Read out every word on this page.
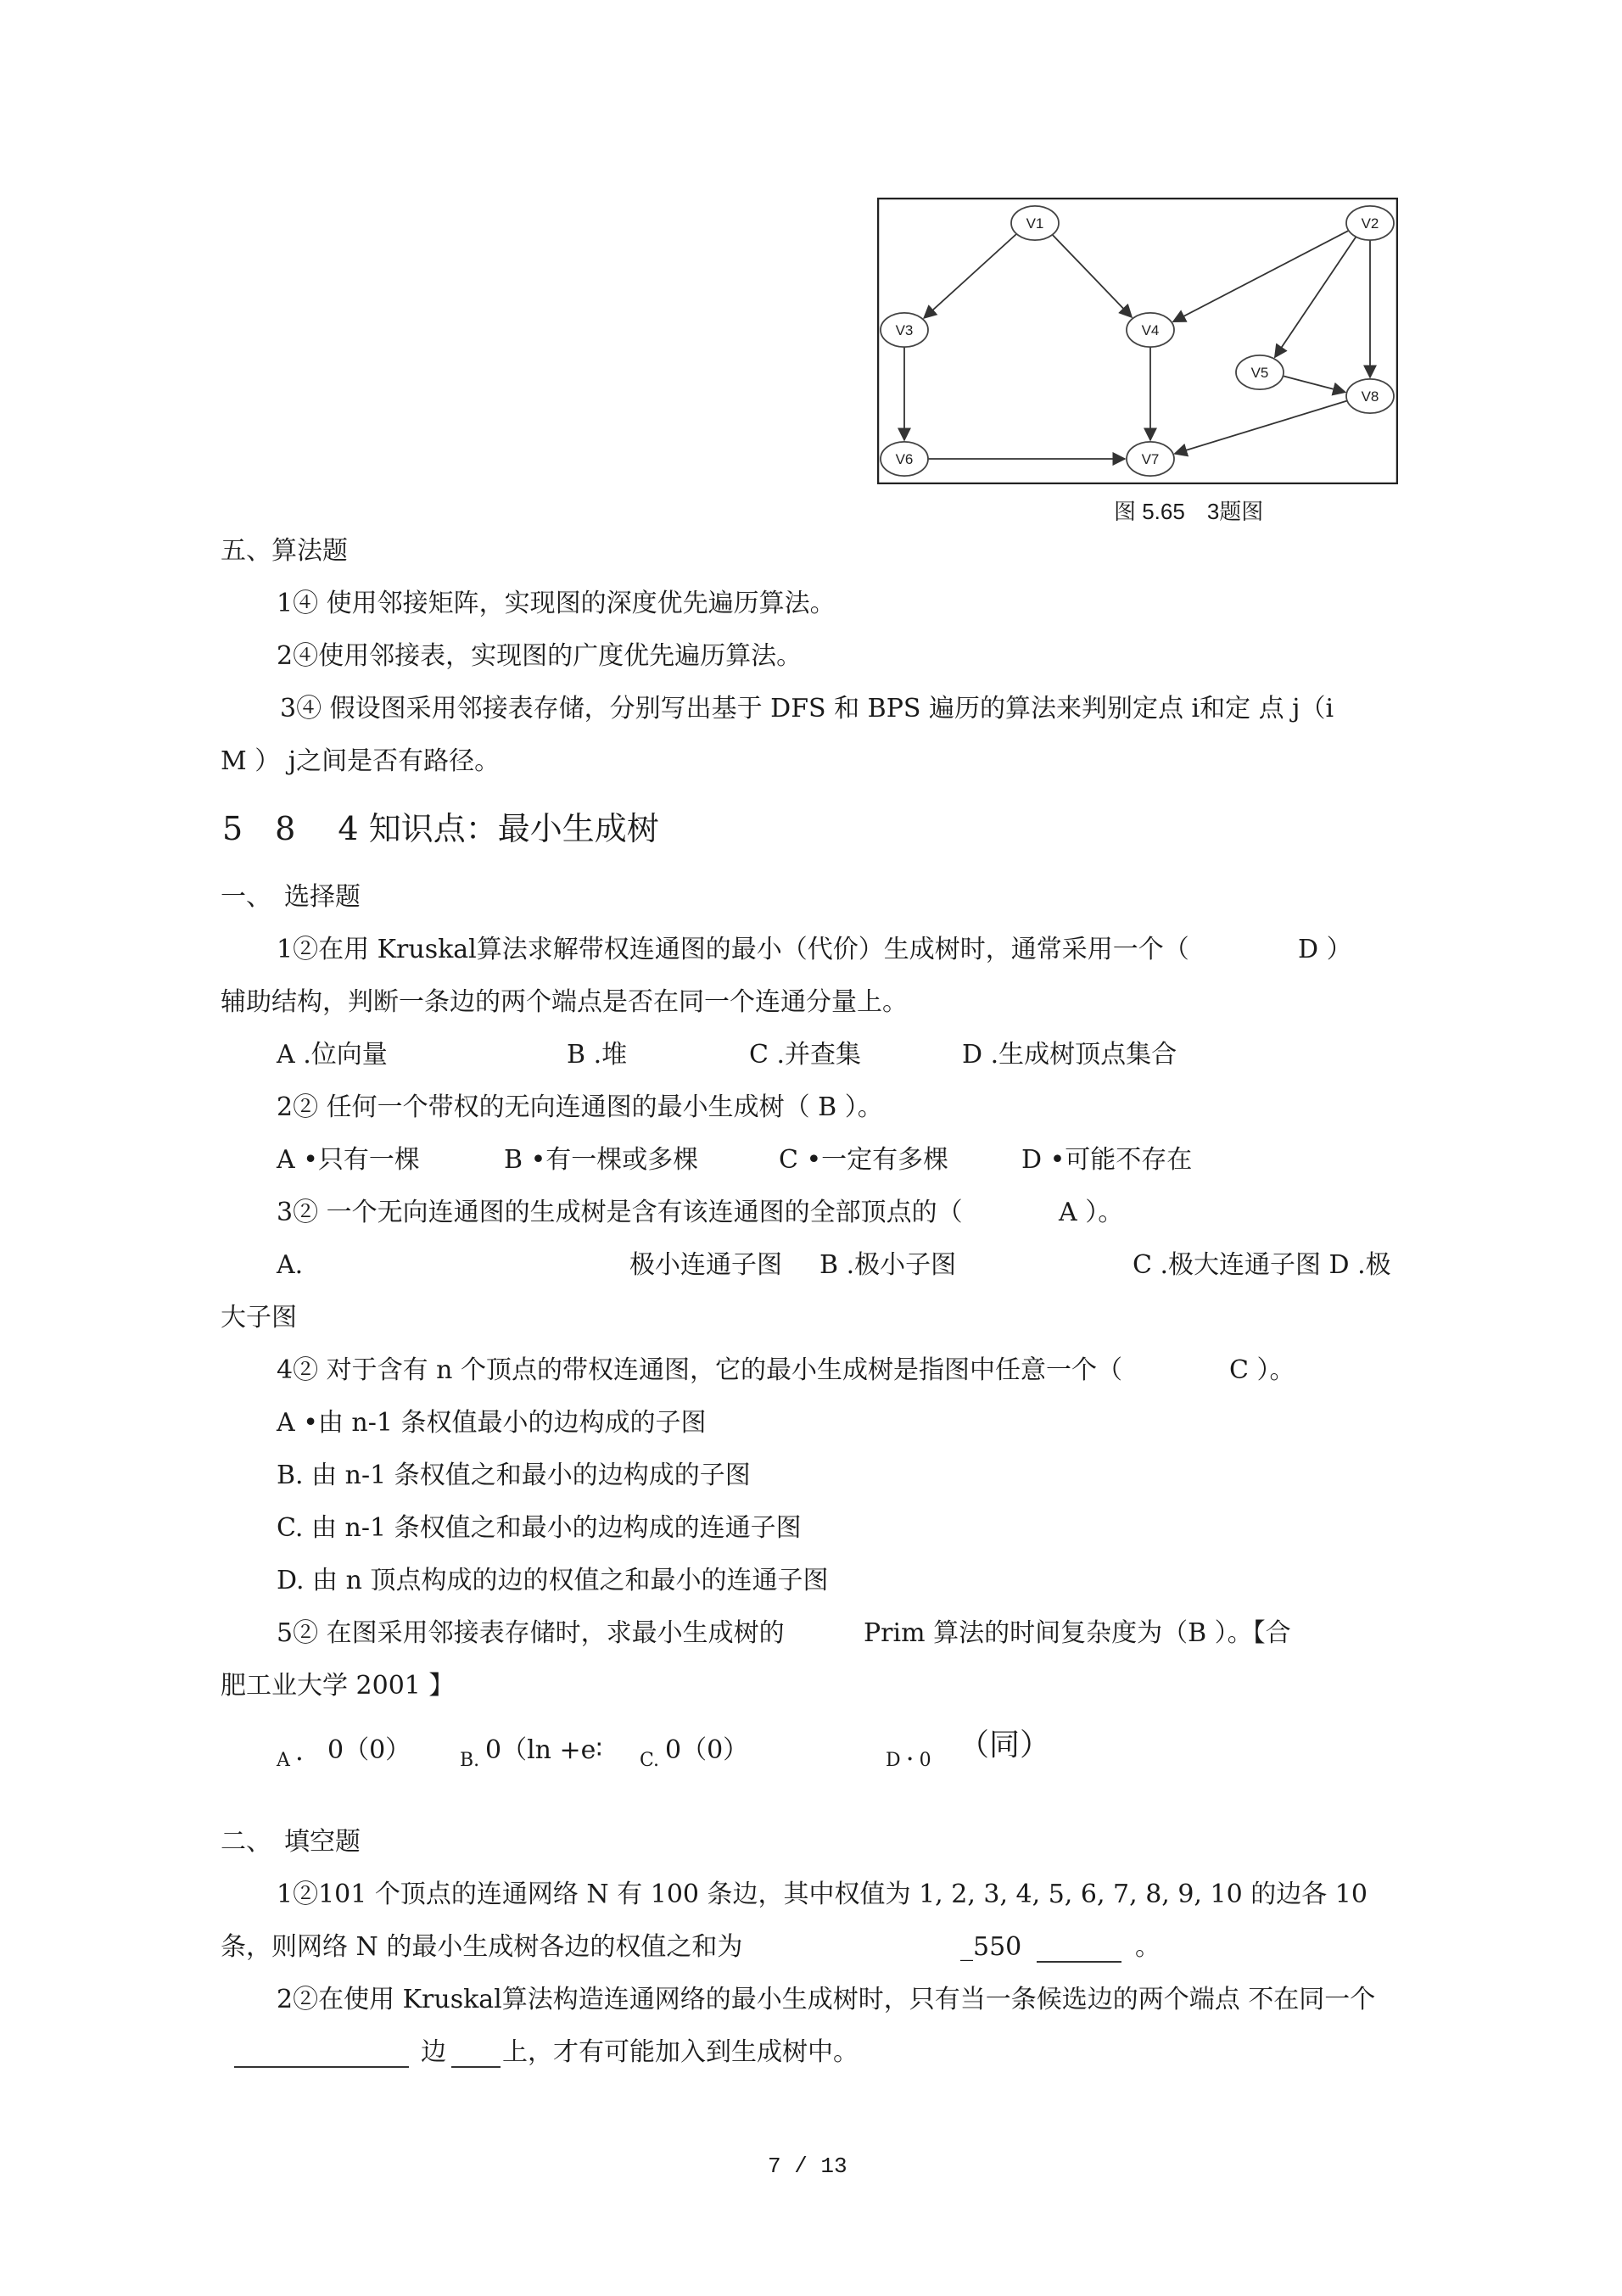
V1	V2
V3	V4
V5
V6	V7
V8
图 5.65　3题图
五、算法题
1④ 使用邻接矩阵，实现图的深度优先遍历算法。
2④使用邻接表，实现图的广度优先遍历算法。
3④ 假设图采用邻接表存储，分别写出基于 DFS 和 BPS 遍历的算法来判别定点 i和定 点 j（i
M ） j之间是否有路径。
5　8　 4 知识点：最小生成树
一、　选择题
1②在用 Kruskal算法求解带权连通图的最小（代价）生成树时，通常采用一个（	D ）
辅助结构，判断一条边的两个端点是否在同一个连通分量上。
A .位向量	B .堆	C .并查集	D .生成树顶点集合
2② 任何一个带权的无向连通图的最小生成树（ B ）。
A •只有一棵	B •有一棵或多棵	C •一定有多棵	D •可能不存在
3② 一个无向连通图的生成树是含有该连通图的全部顶点的（	A ）。
A.	极小连通子图 B .极小子图	C .极大连通子图 D .极
大子图
4② 对于含有 n 个顶点的带权连通图，它的最小生成树是指图中任意一个（	C ）。
A •由 n-1 条权值最小的边构成的子图
B. 由 n-1 条权值之和最小的边构成的子图
C. 由 n-1 条权值之和最小的边构成的连通子图
D. 由 n 顶点构成的边的权值之和最小的连通子图
5② 在图采用邻接表存储时，求最小生成树的	Prim 算法的时间复杂度为（B ）。【合
肥工业大学 2001 】
A・ 0（0）	B. 0（ln +e∶ C. 0（0）	D・0 （同）
二、　填空题
1②101 个顶点的连通网络 N 有 100 条边，其中权值为 1, 2, 3, 4, 5, 6, 7, 8, 9, 10 的边各 10
条，则网络 N 的最小生成树各边的权值之和为	_550	。
2②在使用 Kruskal算法构造连通网络的最小生成树时，只有当一条候选边的两个端点 不在同一个
边 上，才有可能加入到生成树中。
7 / 13
